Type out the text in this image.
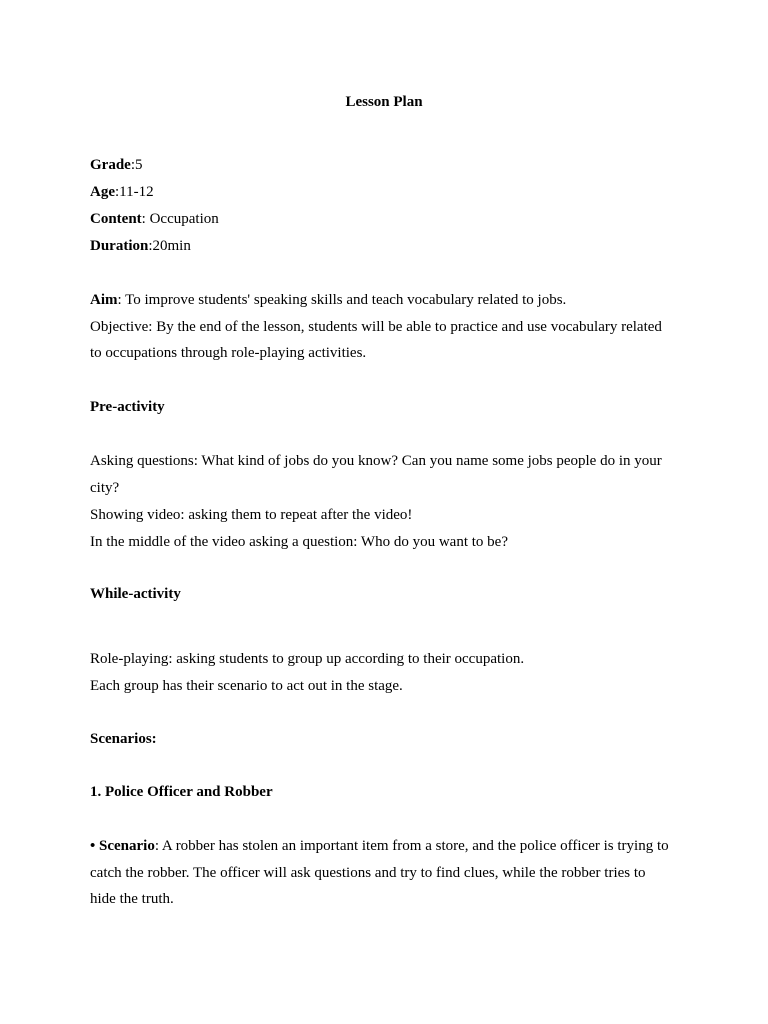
Lesson Plan
Grade:5
Age:11-12
Content: Occupation
Duration:20min
Aim: To improve students' speaking skills and teach vocabulary related to jobs.
Objective: By the end of the lesson, students will be able to practice and use vocabulary related
to occupations through role-playing activities.
Pre-activity
Asking questions: What kind of jobs do you know? Can you name some jobs people do in your
city?
Showing video: asking them to repeat after the video!
In the middle of the video asking a question: Who do you want to be?
While-activity
Role-playing: asking students to group up according to their occupation.
Each group has their scenario to act out in the stage.
Scenarios:
1. Police Officer and Robber
• Scenario: A robber has stolen an important item from a store, and the police officer is trying to
catch the robber. The officer will ask questions and try to find clues, while the robber tries to
hide the truth.
